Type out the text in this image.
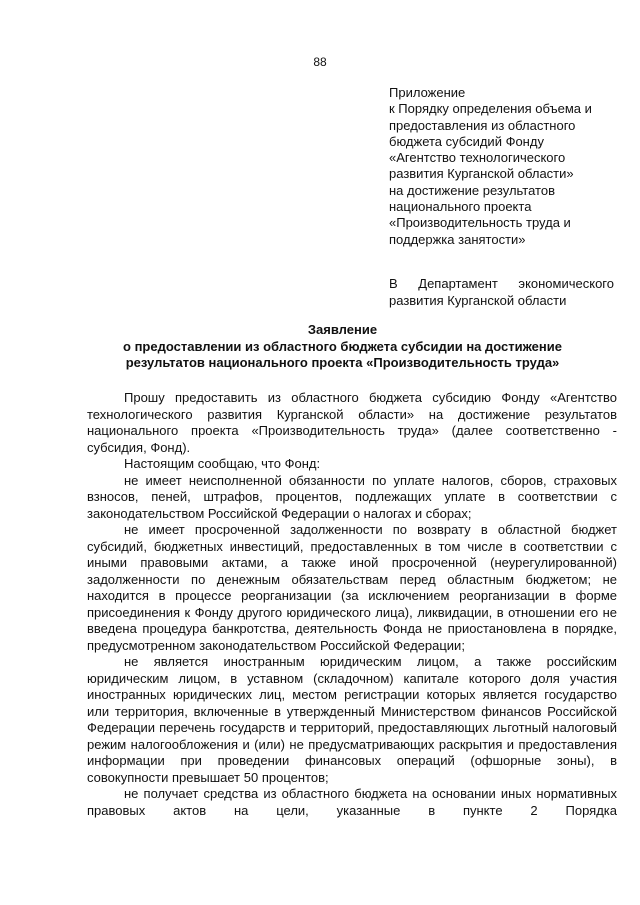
88
Приложение
к Порядку определения объема и
предоставления из областного
бюджета субсидий Фонду
«Агентство технологического
развития Курганской области»
на достижение результатов
национального проекта
«Производительность труда и
поддержка занятости»
В Департамент экономического
развития Курганской области
Заявление
о предоставлении из областного бюджета субсидии на достижение
результатов национального проекта «Производительность труда»

Прошу предоставить из областного бюджета субсидию Фонду «Агентство технологического развития Курганской области» на достижение результатов национального проекта «Производительность труда» (далее соответственно - субсидия, Фонд).

Настоящим сообщаю, что Фонд:

не имеет неисполненной обязанности по уплате налогов, сборов, страховых взносов, пеней, штрафов, процентов, подлежащих уплате в соответствии с законодательством Российской Федерации о налогах и сборах;

не имеет просроченной задолженности по возврату в областной бюджет субсидий, бюджетных инвестиций, предоставленных в том числе в соответствии с иными правовыми актами, а также иной просроченной (неурегулированной) задолженности по денежным обязательствам перед областным бюджетом; не находится в процессе реорганизации (за исключением реорганизации в форме присоединения к Фонду другого юридического лица), ликвидации, в отношении его не введена процедура банкротства, деятельность Фонда не приостановлена в порядке, предусмотренном законодательством Российской Федерации;

не является иностранным юридическим лицом, а также российским юридическим лицом, в уставном (складочном) капитале которого доля участия иностранных юридических лиц, местом регистрации которых является государство или территория, включенные в утвержденный Министерством финансов Российской Федерации перечень государств и территорий, предоставляющих льготный налоговый режим налогообложения и (или) не предусматривающих раскрытия и предоставления информации при проведении финансовых операций (офшорные зоны), в совокупности превышает 50 процентов;

не получает средства из областного бюджета на основании иных нормативных правовых актов на цели, указанные в пункте 2 Порядка
